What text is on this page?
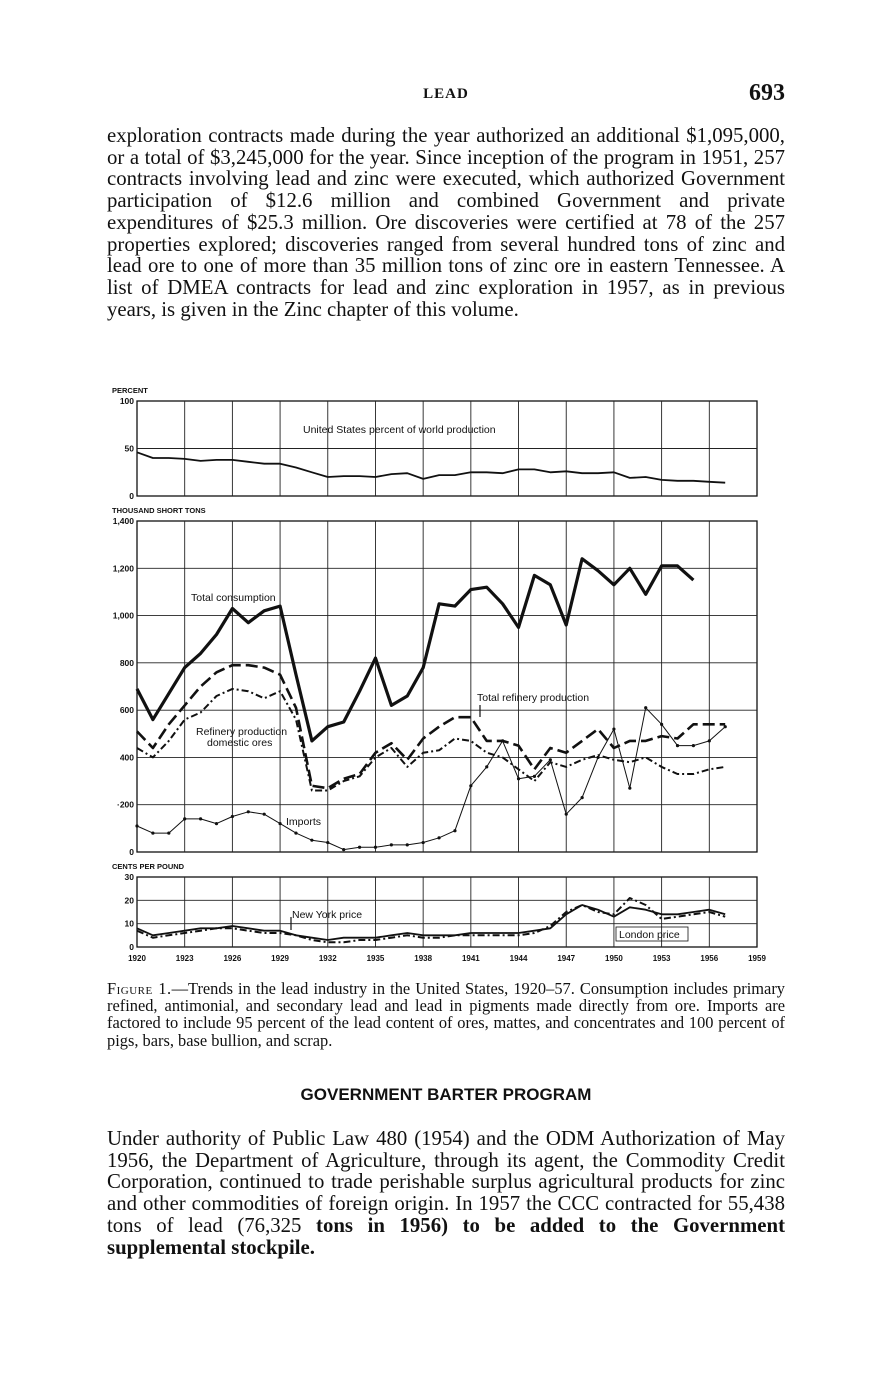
LEAD	693

exploration contracts made during the year authorized an additional $1,095,000, or a total of $3,245,000 for the year. Since inception of the program in 1951, 257 contracts involving lead and zinc were executed, which authorized Government participation of $12.6 million and combined Government and private expenditures of $25.3 million. Ore discoveries were certified at 78 of the 257 properties explored; discoveries ranged from several hundred tons of zinc and lead ore to one of more than 35 million tons of zinc ore in eastern Tennessee. A list of DMEA contracts for lead and zinc exploration in 1957, as in previous years, is given in the Zinc chapter of this volume.

100
50
0
PERCENT
1,400
1,200
1,000
800
600
400
·200
0
THOUSAND SHORT TONS
30
20
10
0
CENTS PER POUND
1920	1923	1926	1929	1932	1935	1938	1941	1944	1947	1950	1953	1956	1959
United States percent of world production
Total consumption
Total refinery production
Refinery production
domestic ores
Imports
New York price
London price

Figure 1.—Trends in the lead industry in the United States, 1920–57. Consumption includes primary refined, antimonial, and secondary lead and lead in pigments made directly from ore. Imports are factored to include 95 percent of the lead content of ores, mattes, and concentrates and 100 percent of pigs, bars, base bullion, and scrap.

GOVERNMENT BARTER PROGRAM

Under authority of Public Law 480 (1954) and the ODM Authorization of May 1956, the Department of Agriculture, through its agent, the Commodity Credit Corporation, continued to trade perishable surplus agricultural products for zinc and other commodities of foreign origin. In 1957 the CCC contracted for 55,438 tons of lead (76,325 tons in 1956) to be added to the Government supplemental stockpile.
